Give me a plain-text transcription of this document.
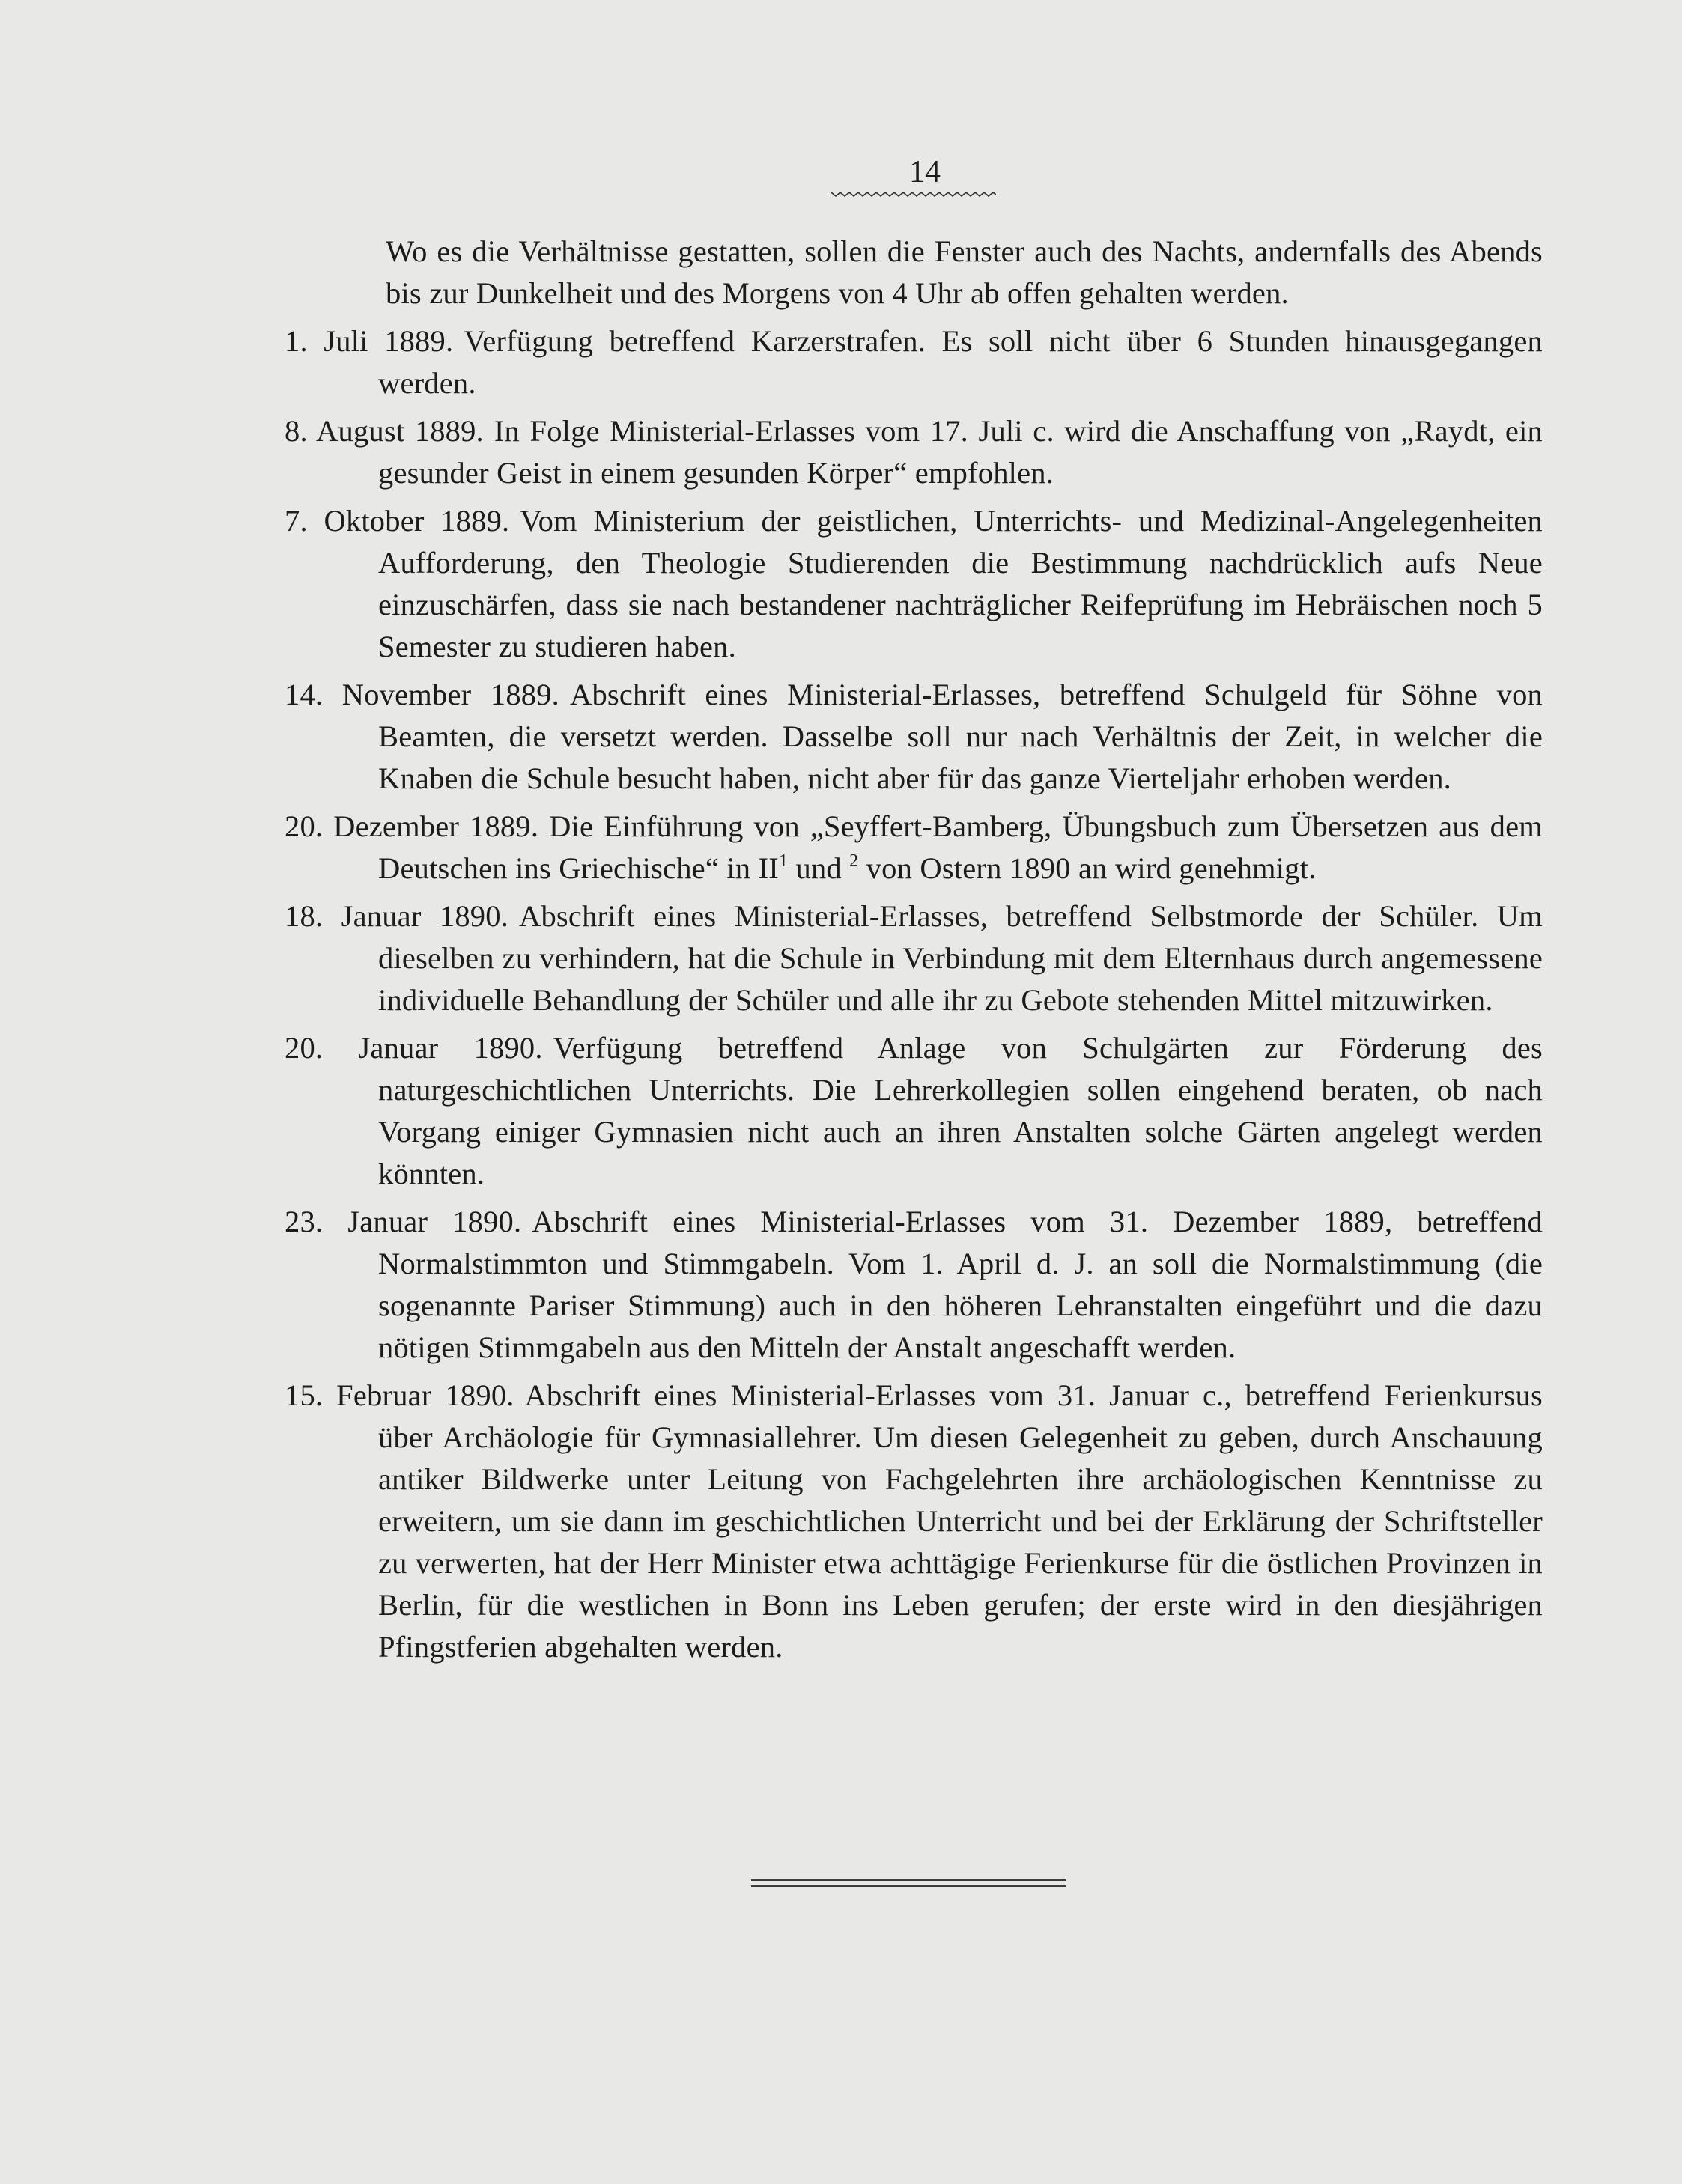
14

Wo es die Verhältnisse gestatten, sollen die Fenster auch des Nachts, andernfalls des Abends bis zur Dunkelheit und des Morgens von 4 Uhr ab offen gehalten werden.

1. Juli 1889. Verfügung betreffend Karzerstrafen. Es soll nicht über 6 Stunden hinausgegangen werden.

8. August 1889. In Folge Ministerial-Erlasses vom 17. Juli c. wird die Anschaffung von „Raydt, ein gesunder Geist in einem gesunden Körper“ empfohlen.

7. Oktober 1889. Vom Ministerium der geistlichen, Unterrichts- und Medizinal-Angelegenheiten Aufforderung, den Theologie Studierenden die Bestimmung nachdrücklich aufs Neue einzuschärfen, dass sie nach bestandener nachträglicher Reifeprüfung im Hebräischen noch 5 Semester zu studieren haben.

14. November 1889. Abschrift eines Ministerial-Erlasses, betreffend Schulgeld für Söhne von Beamten, die versetzt werden. Dasselbe soll nur nach Verhältnis der Zeit, in welcher die Knaben die Schule besucht haben, nicht aber für das ganze Vierteljahr erhoben werden.

20. Dezember 1889. Die Einführung von „Seyffert-Bamberg, Übungsbuch zum Übersetzen aus dem Deutschen ins Griechische“ in $II^1$ und $^2$ von Ostern 1890 an wird genehmigt.

18. Januar 1890. Abschrift eines Ministerial-Erlasses, betreffend Selbstmorde der Schüler. Um dieselben zu verhindern, hat die Schule in Verbindung mit dem Elternhaus durch angemessene individuelle Behandlung der Schüler und alle ihr zu Gebote stehenden Mittel mitzuwirken.

20. Januar 1890. Verfügung betreffend Anlage von Schulgärten zur Förderung des naturgeschichtlichen Unterrichts. Die Lehrerkollegien sollen eingehend beraten, ob nach Vorgang einiger Gymnasien nicht auch an ihren Anstalten solche Gärten angelegt werden könnten.

23. Januar 1890. Abschrift eines Ministerial-Erlasses vom 31. Dezember 1889, betreffend Normalstimmton und Stimmgabeln. Vom 1. April d. J. an soll die Normalstimmung (die sogenannte Pariser Stimmung) auch in den höheren Lehranstalten eingeführt und die dazu nötigen Stimmgabeln aus den Mitteln der Anstalt angeschafft werden.

15. Februar 1890. Abschrift eines Ministerial-Erlasses vom 31. Januar c., betreffend Ferienkursus über Archäologie für Gymnasiallehrer. Um diesen Gelegenheit zu geben, durch Anschauung antiker Bildwerke unter Leitung von Fachgelehrten ihre archäologischen Kenntnisse zu erweitern, um sie dann im geschichtlichen Unterricht und bei der Erklärung der Schriftsteller zu verwerten, hat der Herr Minister etwa achttägige Ferienkurse für die östlichen Provinzen in Berlin, für die westlichen in Bonn ins Leben gerufen; der erste wird in den diesjährigen Pfingstferien abgehalten werden.
